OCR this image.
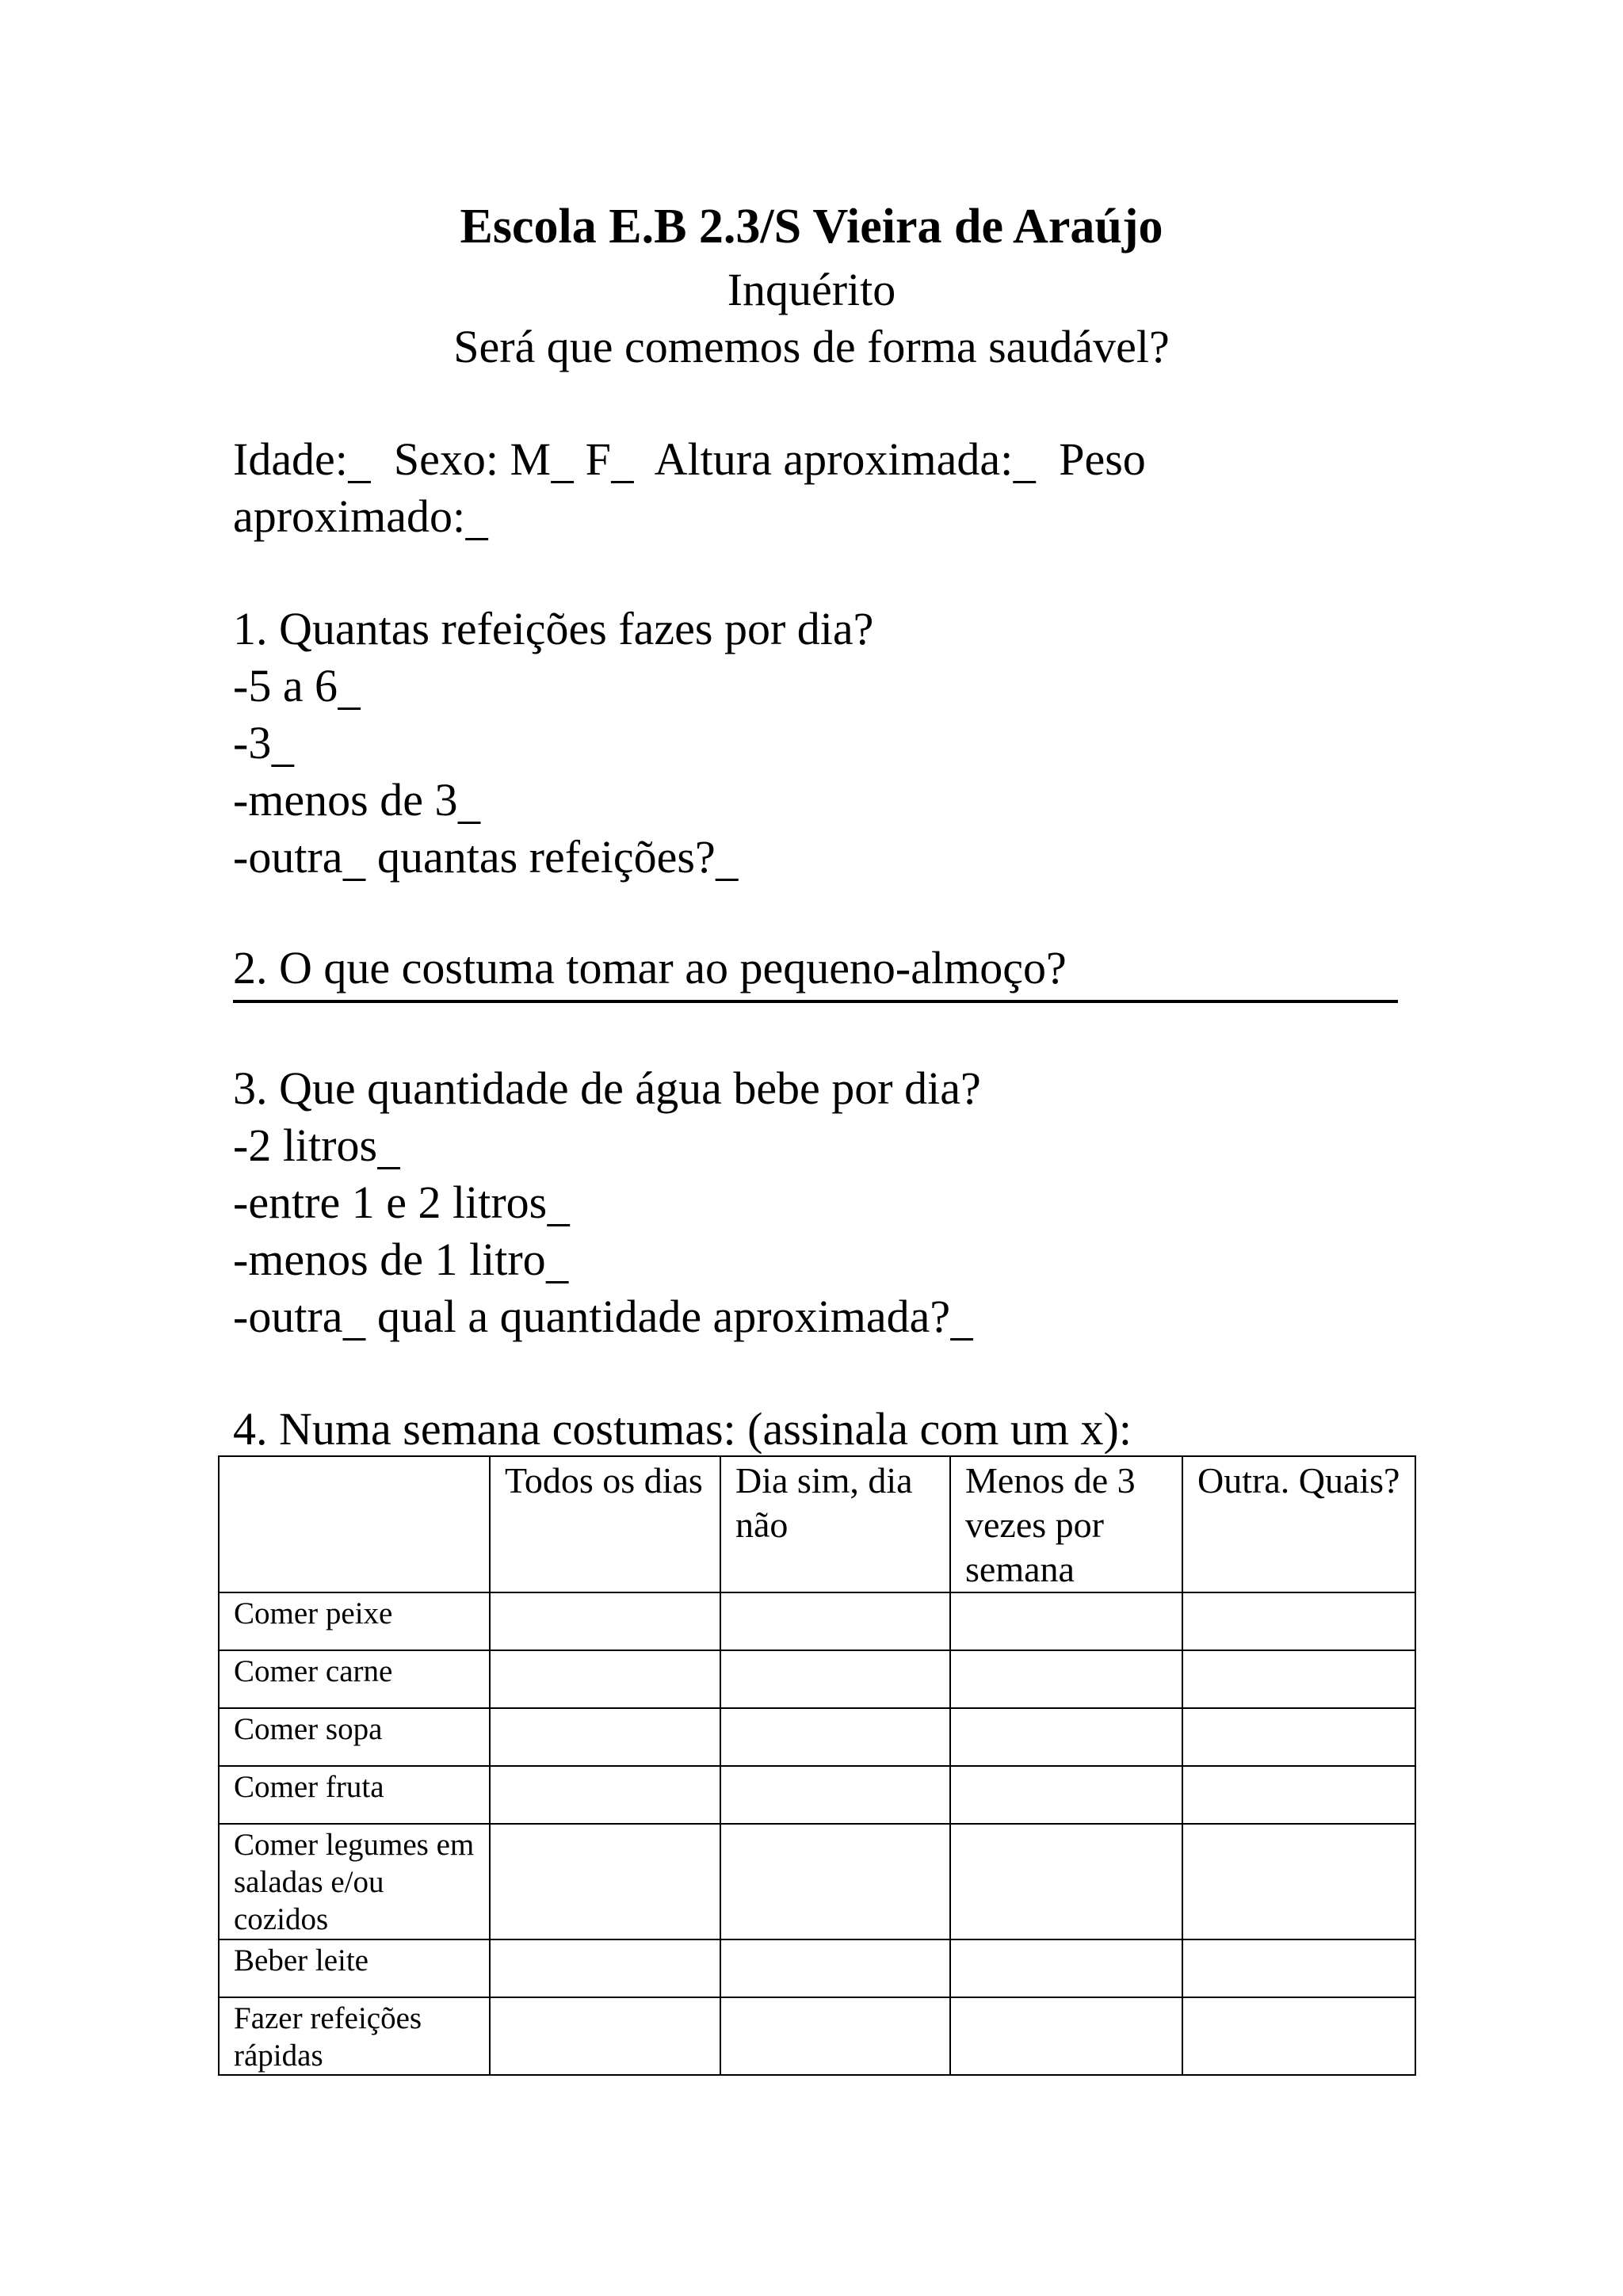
Escola E.B 2.3/S Vieira de Araújo
Inquérito
Será que comemos de forma saudável?
Idade:    Sexo: M   F    Altura aproximada:    Peso
aproximado:
1. Quantas refeições fazes por dia?
-5 a 6
-3
-menos de 3
-outra   quantas refeições?
2. O que costuma tomar ao pequeno-almoço?
3. Que quantidade de água bebe por dia?
-2 litros
-entre 1 e 2 litros
-menos de 1 litro
-outra   qual a quantidade aproximada?
4. Numa semana costumas: (assinala com um x):
	Todos os dias	Dia sim, dia não	Menos de 3 vezes por semana	Outra. Quais?
Comer peixe				
Comer carne				
Comer sopa				
Comer fruta				
Comer legumes em saladas e/ou cozidos				
Beber leite				
Fazer refeições rápidas				
